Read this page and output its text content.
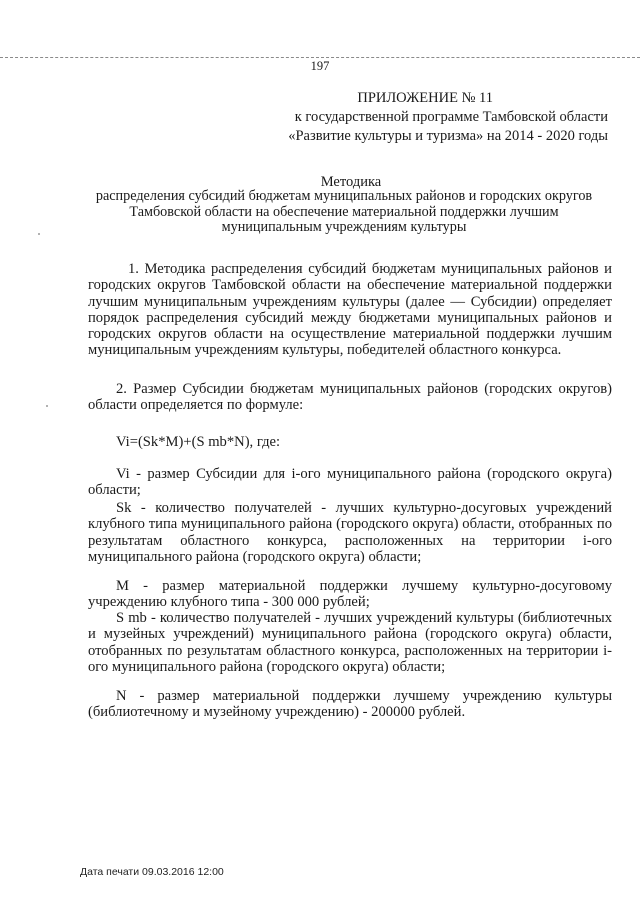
197
ПРИЛОЖЕНИЕ № 11
к государственной программе Тамбовской области
«Развитие культуры и туризма» на 2014 - 2020 годы
Методика
распределения субсидий бюджетам муниципальных районов и городских округов Тамбовской области на обеспечение материальной поддержки лучшим муниципальным учреждениям культуры

1. Методика распределения субсидий бюджетам муниципальных районов и городских округов Тамбовской области на обеспечение материальной поддержки лучшим муниципальным учреждениям культуры (далее — Субсидии) определяет порядок распределения субсидий между бюджетами муниципальных районов и городских округов области на осуществление материальной поддержки лучшим муниципальным учреждениям культуры, победителей областного конкурса.

2. Размер Субсидии бюджетам муниципальных районов (городских округов) области определяется по формуле:

Vi=(Sk*M)+(S mb*N), где:

Vi - размер Субсидии для i-ого муниципального района (городского округа) области;

Sk - количество получателей - лучших культурно-досуговых учреждений клубного типа муниципального района (городского округа) области, отобранных по результатам областного конкурса, расположенных на территории i-ого муниципального района (городского округа) области;

М - размер материальной поддержки лучшему культурно-досуговому учреждению клубного типа - 300 000 рублей;

S mb - количество получателей - лучших учреждений культуры (библиотечных и музейных учреждений) муниципального района (городского округа) области, отобранных по результатам областного конкурса, расположенных на территории i-ого муниципального района (городского округа) области;

N - размер материальной поддержки лучшему учреждению культуры (библиотечному и музейному учреждению) - 200000 рублей.

Дата печати 09.03.2016 12:00
